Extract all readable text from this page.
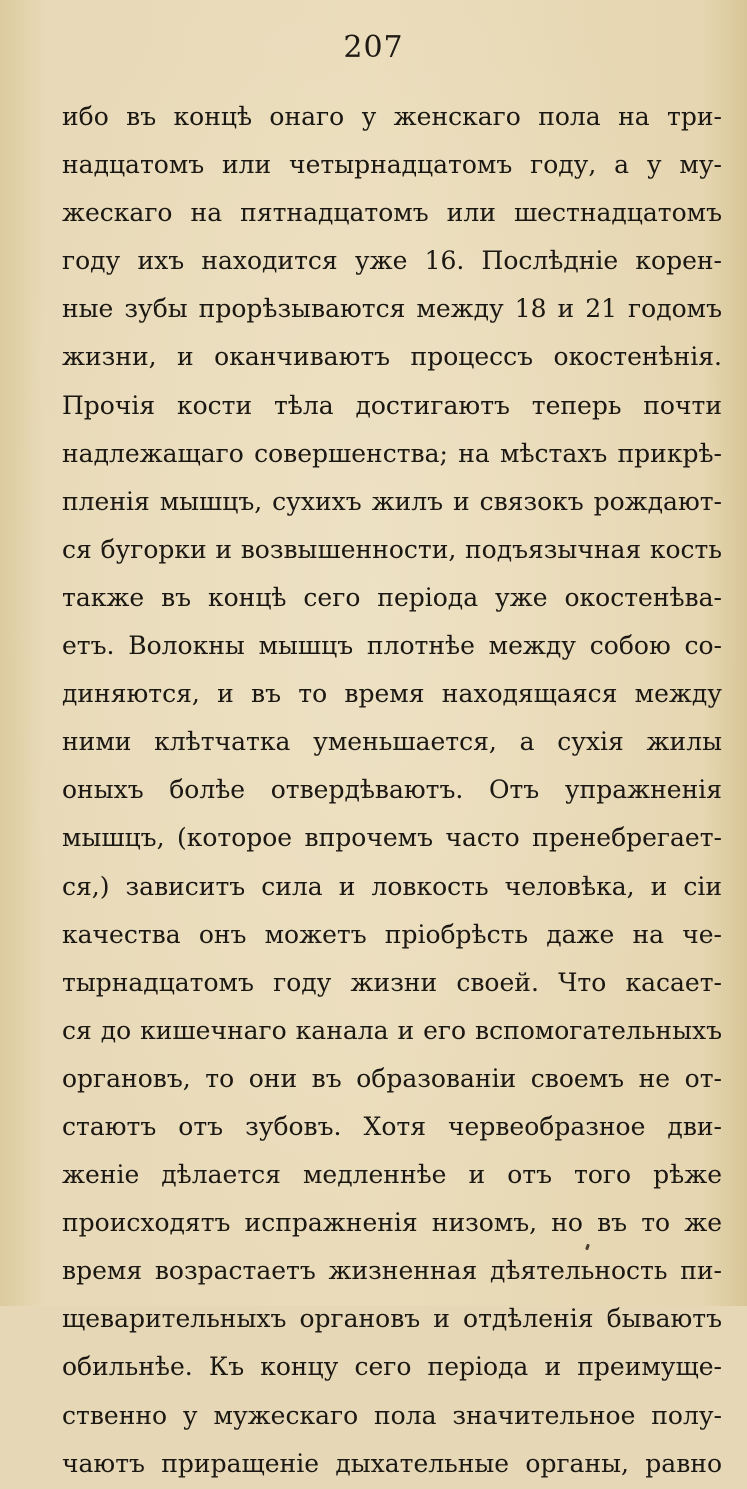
207
ибо въ концѣ онаго у женскаго пола на три-
надцатомъ или четырнадцатомъ году, а у му-
жескаго на пятнадцатомъ или шестнадцатомъ
году ихъ находится уже 16. Послѣдніе корен-
ные зубы прорѣзываются между 18 и 21 годомъ
жизни, и оканчиваютъ процессъ окостенѣнія.
Прочія кости тѣла достигаютъ теперь почти
надлежащаго совершенства; на мѣстахъ прикрѣ-
пленія мышцъ, сухихъ жилъ и связокъ рождают-
ся бугорки и возвышенности, подъязычная кость
также въ концѣ сего періода уже окостенѣва-
етъ. Волокны мышцъ плотнѣе между собою со-
диняются, и въ то время находящаяся между
ними клѣтчатка уменьшается, а сухія жилы
оныхъ болѣе отвердѣваютъ. Отъ упражненія
мышцъ, (которое впрочемъ часто пренебрегает-
ся,) зависитъ сила и ловкость человѣка, и сіи
качества онъ можетъ пріобрѣсть даже на че-
тырнадцатомъ году жизни своей. Что касает-
ся до кишечнаго канала и его вспомогательныхъ
органовъ, то они въ образованіи своемъ не от-
стаютъ отъ зубовъ. Хотя червеобразное дви-
женіе дѣлается медленнѣе и отъ того рѣже
происходятъ испражненія низомъ, но въ то же
время возрастаетъ жизненная дѣятельность пи-
щеварительныхъ органовъ и отдѣленія бываютъ
обильнѣе. Къ концу сего періода и преимуще-
ственно у мужескаго пола значительное полу-
чаютъ приращеніе дыхательные органы, равно
